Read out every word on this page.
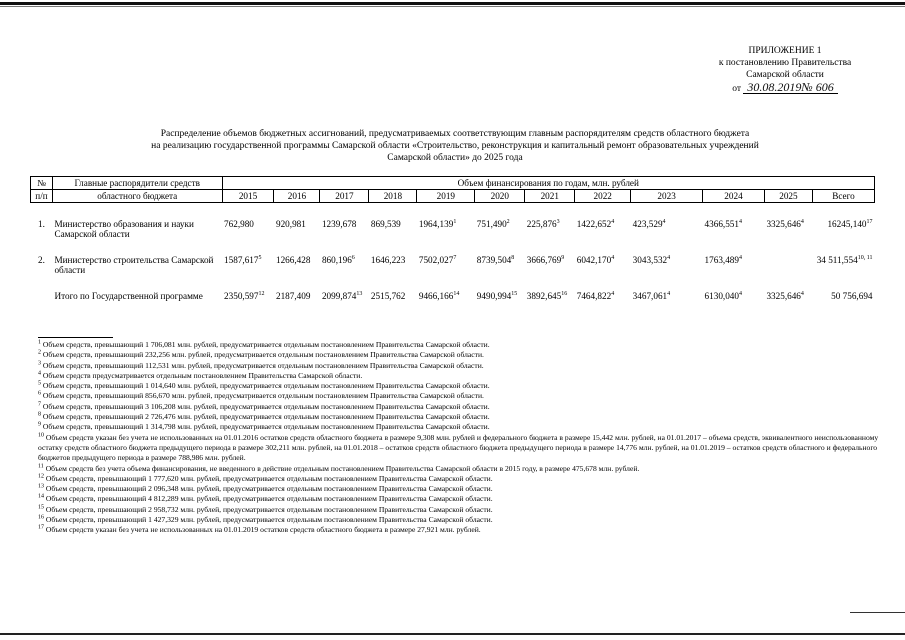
ПРИЛОЖЕНИЕ 1
к постановлению Правительства
Самарской области
от 30.08.2019№ 606
Распределение объемов бюджетных ассигнований, предусматриваемых соответствующим главным распорядителям средств областного бюджета
на реализацию государственной программы Самарской области «Строительство, реконструкция и капитальный ремонт образовательных учреждений
Самарской области» до 2025 года
№	Главные распорядители средств	Объем финансирования по годам, млн. рублей											
п/п	областного бюджета	2015	2016	2017	2018	2019	2020	2021	2022	2023	2024	2025	Всего

1.	Министерство образования и науки Самарской области	762,980	920,981	1239,678	869,539	1964,139$^1$	751,490$^2$	225,876$^3$	1422,652$^4$	423,529$^4$	4366,551$^4$	3325,646$^4$	16245,140$^{17}$

2.	Министерство строительства Самарской области	1587,617$^5$	1266,428	860,196$^6$	1646,223	7502,027$^7$	8739,504$^8$	3666,769$^9$	6042,170$^4$	3043,532$^4$	1763,489$^4$		34 511,554$^{10, 11}$

	Итого по Государственной программе	2350,597$^{12}$	2187,409	2099,874$^{13}$	2515,762	9466,166$^{14}$	9490,994$^{15}$	3892,645$^{16}$	7464,822$^4$	3467,061$^4$	6130,040$^4$	3325,646$^4$	50 756,694
$^1$ Объем средств, превышающий 1 706,081 млн. рублей, предусматривается отдельным постановлением Правительства Самарской области.
$^2$ Объем средств, превышающий 232,256 млн. рублей, предусматривается отдельным постановлением Правительства Самарской области.
$^3$ Объем средств, превышающий 112,531 млн. рублей, предусматривается отдельным постановлением Правительства Самарской области.
$^4$ Объем средств предусматривается отдельным постановлением Правительства Самарской области.
$^5$ Объем средств, превышающий 1 014,640 млн. рублей, предусматривается отдельным постановлением Правительства Самарской области.
$^6$ Объем средств, превышающий 856,670 млн. рублей, предусматривается отдельным постановлением Правительства Самарской области.
$^7$ Объем средств, превышающий 3 106,208 млн. рублей, предусматривается отдельным постановлением Правительства Самарской области.
$^8$ Объем средств, превышающий 2 726,476 млн. рублей, предусматривается отдельным постановлением Правительства Самарской области.
$^9$ Объем средств, превышающий 1 314,798 млн. рублей, предусматривается отдельным постановлением Правительства Самарской области.
$^{10}$ Объем средств указан без учета не использованных на 01.01.2016 остатков средств областного бюджета в размере 9,308 млн. рублей и федерального бюджета в размере 15,442 млн. рублей, на 01.01.2017 – объема средств, эквивалентного неиспользованному остатку средств областного бюджета предыдущего периода в размере 302,211 млн. рублей, на 01.01.2018 – остатков средств областного бюджета предыдущего периода в размере 14,776 млн. рублей, на 01.01.2019 – остатков средств областного и федерального бюджетов предыдущего периода в размере 788,986 млн. рублей.
$^{11}$ Объем средств без учета объема финансирования, не введенного в действие отдельным постановлением Правительства Самарской области в 2015 году, в размере 475,678 млн. рублей.
$^{12}$ Объем средств, превышающий 1 777,620 млн. рублей, предусматривается отдельным постановлением Правительства Самарской области.
$^{13}$ Объем средств, превышающий 2 096,348 млн. рублей, предусматривается отдельным постановлением Правительства Самарской области.
$^{14}$ Объем средств, превышающий 4 812,289 млн. рублей, предусматривается отдельным постановлением Правительства Самарской области.
$^{15}$ Объем средств, превышающий 2 958,732 млн. рублей, предусматривается отдельным постановлением Правительства Самарской области.
$^{16}$ Объем средств, превышающий 1 427,329 млн. рублей, предусматривается отдельным постановлением Правительства Самарской области.
$^{17}$ Объем средств указан без учета не использованных на 01.01.2019 остатков средств областного бюджета в размере 27,921 млн. рублей.
